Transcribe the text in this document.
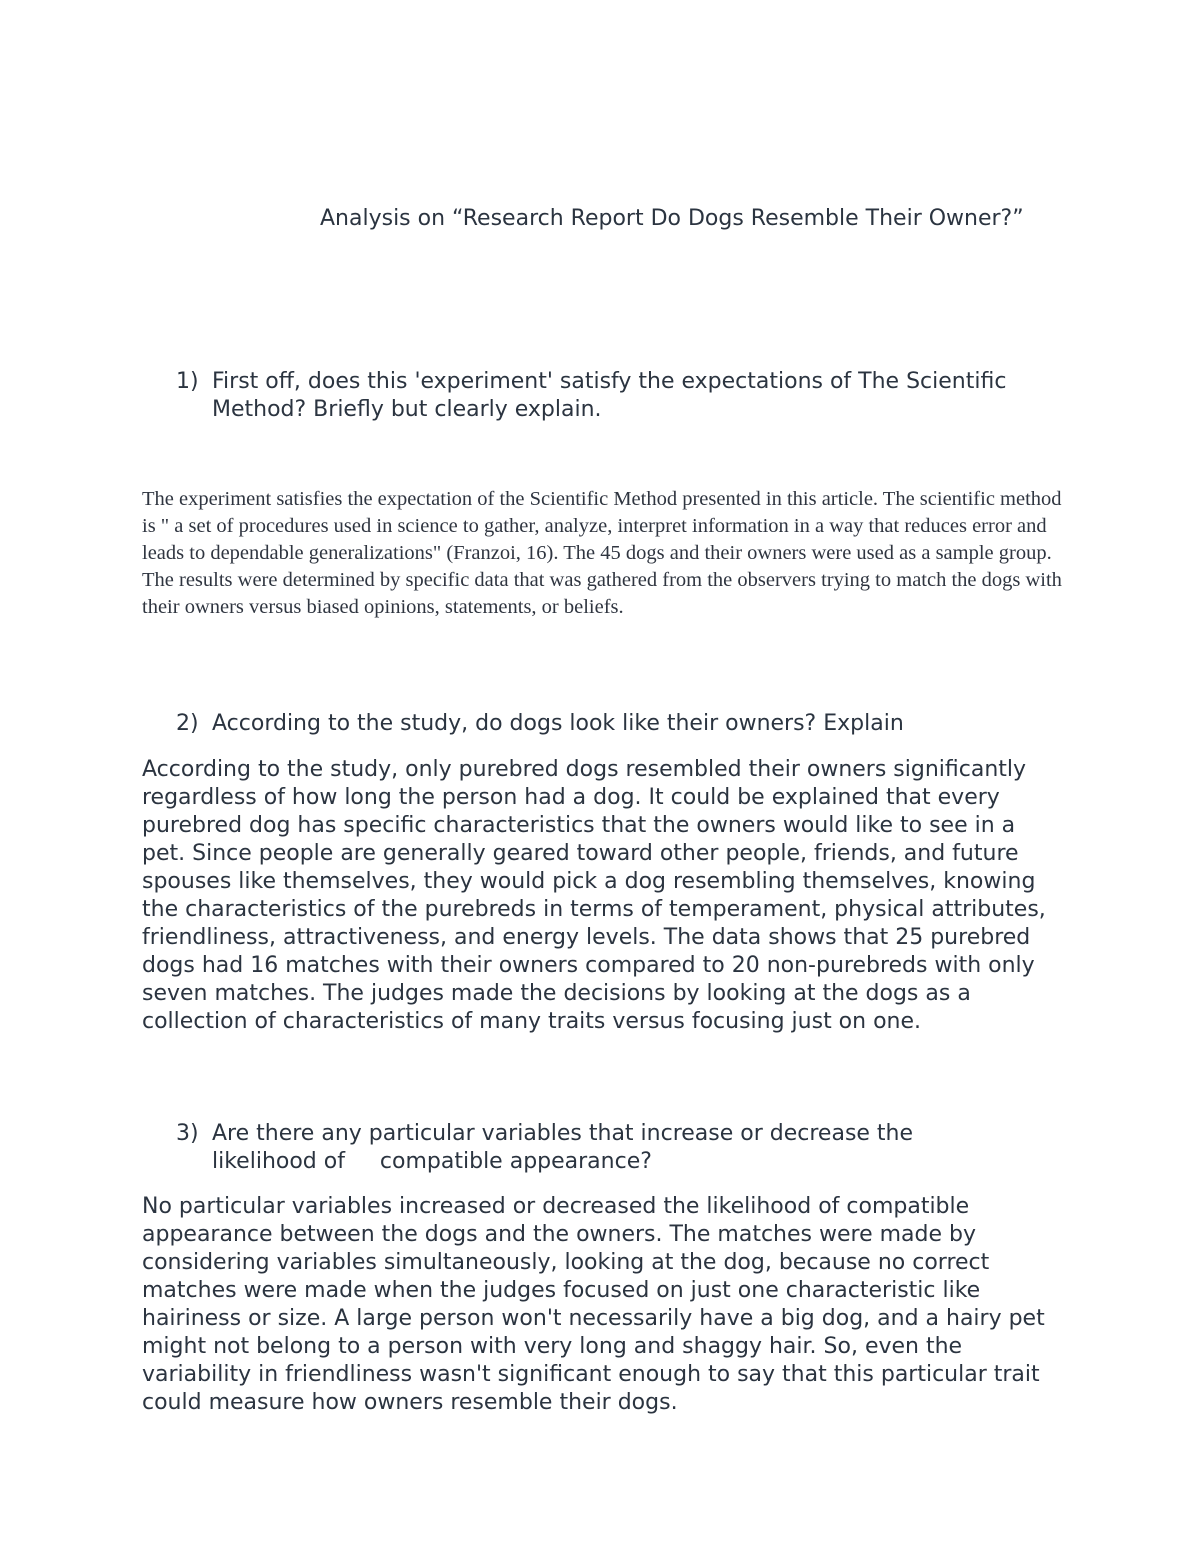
Analysis on “Research Report Do Dogs Resemble Their Owner?”
1) First off, does this 'experiment' satisfy the expectations of The Scientific Method? Briefly but clearly explain.
The experiment satisfies the expectation of the Scientific Method presented in this article. The scientific method is " a set of procedures used in science to gather, analyze, interpret information in a way that reduces error and leads to dependable generalizations" (Franzoi, 16). The 45 dogs and their owners were used as a sample group. The results were determined by specific data that was gathered from the observers trying to match the dogs with their owners versus biased opinions, statements, or beliefs.
2) According to the study, do dogs look like their owners? Explain
According to the study, only purebred dogs resembled their owners significantly regardless of how long the person had a dog. It could be explained that every purebred dog has specific characteristics that the owners would like to see in a pet. Since people are generally geared toward other people, friends, and future spouses like themselves, they would pick a dog resembling themselves, knowing the characteristics of the purebreds in terms of temperament, physical attributes, friendliness, attractiveness, and energy levels. The data shows that 25 purebred dogs had 16 matches with their owners compared to 20 non-purebreds with only seven matches. The judges made the decisions by looking at the dogs as a collection of characteristics of many traits versus focusing just on one.
3) Are there any particular variables that increase or decrease the likelihood of     compatible appearance?
No particular variables increased or decreased the likelihood of compatible appearance between the dogs and the owners. The matches were made by considering variables simultaneously, looking at the dog, because no correct matches were made when the judges focused on just one characteristic like hairiness or size. A large person won't necessarily have a big dog, and a hairy pet might not belong to a person with very long and shaggy hair. So, even the variability in friendliness wasn't significant enough to say that this particular trait could measure how owners resemble their dogs.
